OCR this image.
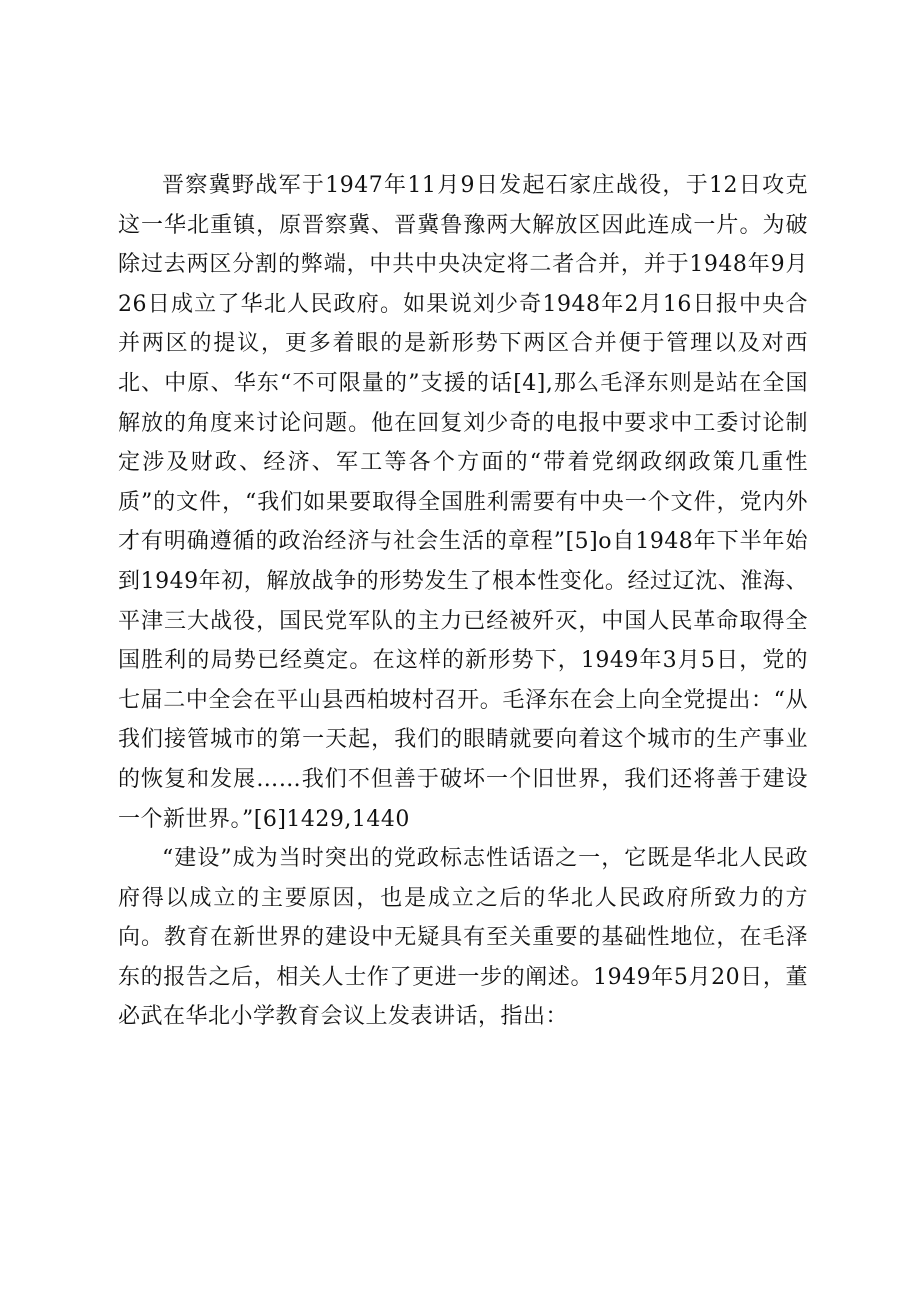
晋察冀野战军于1947年11月9日发起石家庄战役，于12日攻克这一华北重镇，原晋察冀、晋冀鲁豫两大解放区因此连成一片。为破除过去两区分割的弊端，中共中央决定将二者合并，并于1948年9月26日成立了华北人民政府。如果说刘少奇1948年2月16日报中央合并两区的提议，更多着眼的是新形势下两区合并便于管理以及对西北、中原、华东“不可限量的”支援的话[4],那么毛泽东则是站在全国解放的角度来讨论问题。他在回复刘少奇的电报中要求中工委讨论制定涉及财政、经济、军工等各个方面的“带着党纲政纲政策几重性质”的文件，“我们如果要取得全国胜利需要有中央一个文件，党内外才有明确遵循的政治经济与社会生活的章程”[5]o自1948年下半年始到1949年初，解放战争的形势发生了根本性变化。经过辽沈、淮海、平津三大战役，国民党军队的主力已经被歼灭，中国人民革命取得全国胜利的局势已经奠定。在这样的新形势下，1949年3月5日，党的七届二中全会在平山县西柏坡村召开。毛泽东在会上向全党提出：“从我们接管城市的第一天起，我们的眼睛就要向着这个城市的生产事业的恢复和发展……我们不但善于破坏一个旧世界，我们还将善于建设一个新世界。”[6]1429,1440

“建设”成为当时突出的党政标志性话语之一，它既是华北人民政府得以成立的主要原因，也是成立之后的华北人民政府所致力的方向。教育在新世界的建设中无疑具有至关重要的基础性地位，在毛泽东的报告之后，相关人士作了更进一步的阐述。1949年5月20日，董必武在华北小学教育会议上发表讲话，指出：
